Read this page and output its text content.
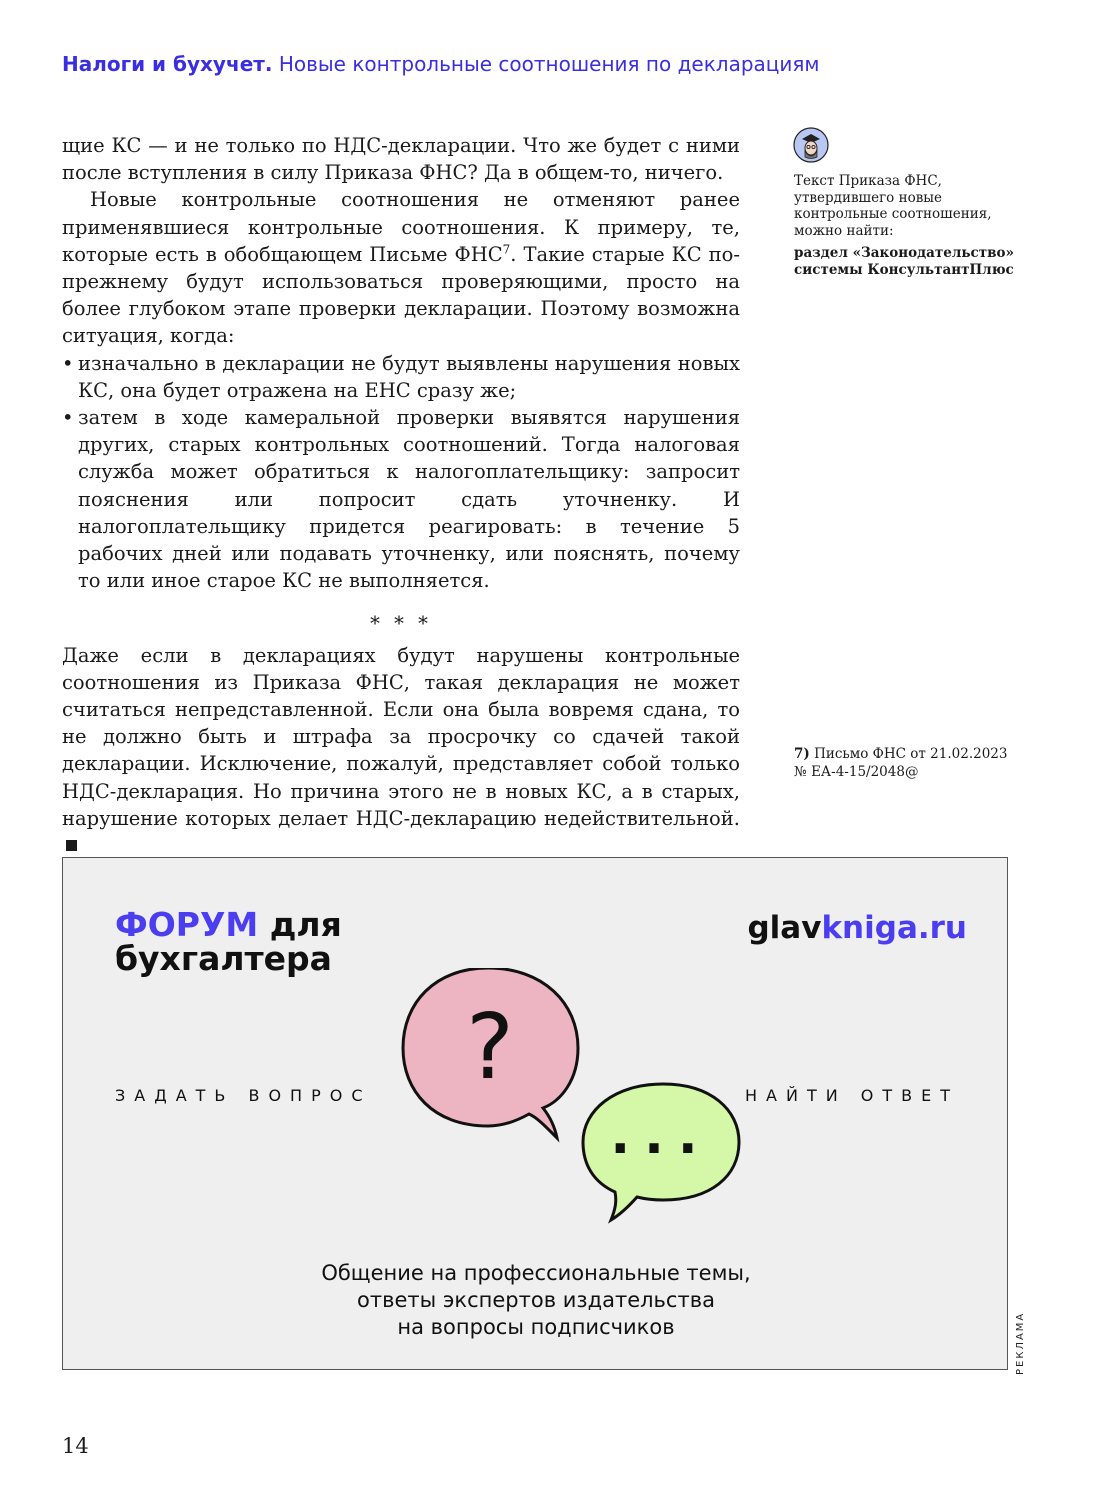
Налоги и бухучет. Новые контрольные соотношения по декларациям

щие КС — и не только по НДС-декларации. Что же будет с ними после вступления в силу Приказа ФНС? Да в общем-то, ничего.

Новые контрольные соотношения не отменяют ранее применявшиеся контрольные соотношения. К примеру, те, которые есть в обобщающем Письме ФНС$^7$. Такие старые КС по-прежнему будут использоваться проверяющими, просто на более глубоком этапе проверки декларации. Поэтому возможна ситуация, когда:

• изначально в декларации не будут выявлены нарушения новых КС, она будет отражена на ЕНС сразу же;
• затем в ходе камеральной проверки выявятся нарушения других, старых контрольных соотношений. Тогда налоговая служба может обратиться к налогоплательщику: запросит пояснения или попросит сдать уточненку. И налогоплательщику придется реагировать: в течение 5 рабочих дней или подавать уточненку, или пояснять, почему то или иное старое КС не выполняется.

* * *

Даже если в декларациях будут нарушены контрольные соотношения из Приказа ФНС, такая декларация не может считаться непредставленной. Если она была вовремя сдана, то не должно быть и штрафа за просрочку со сдачей такой декларации. Исключение, пожалуй, представляет собой только НДС-декларация. Но причина этого не в новых КС, а в старых, нарушение которых делает НДС-декларацию недействительной.

Текст Приказа ФНС, утвердившего новые контрольные соотношения, можно найти:
раздел «Законодательство» системы КонсультантПлюс
7) Письмо ФНС от 21.02.2023 № ЕА-4-15/2048@
ФОРУМ для
бухгалтера
glavkniga.ru
ЗАДАТЬ ВОПРОС	НАЙТИ ОТВЕТ
?
...
Общение на профессиональные темы,
ответы экспертов издательства
на вопросы подписчиков	РЕКЛАМА
14
